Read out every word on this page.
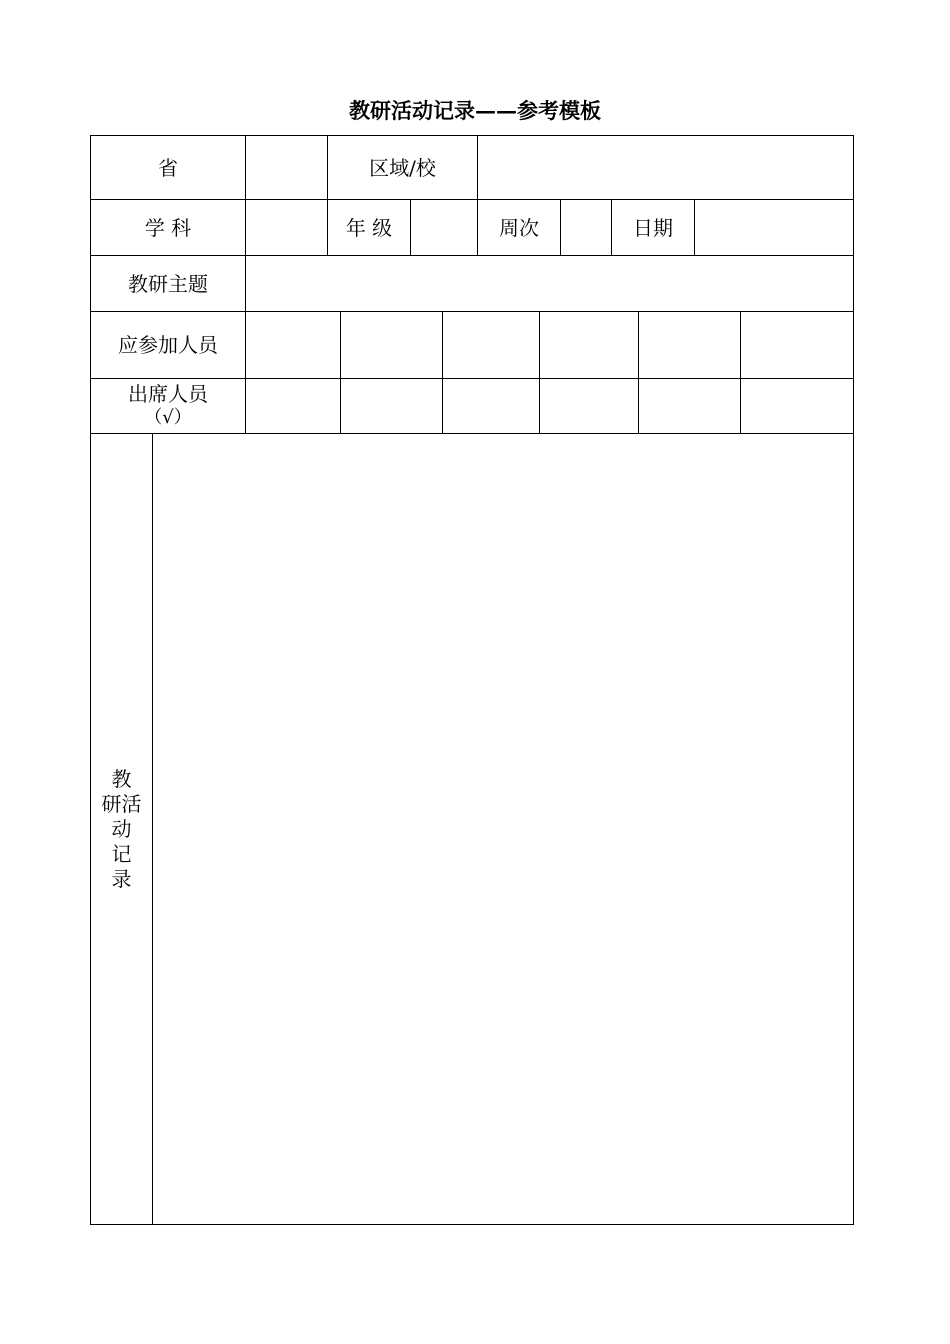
教研活动记录——参考模板
省	区域/校
学 科	年 级	周次	日期
教研主题
应参加人员
出席人员
（√）
教
研活
动
记
录
